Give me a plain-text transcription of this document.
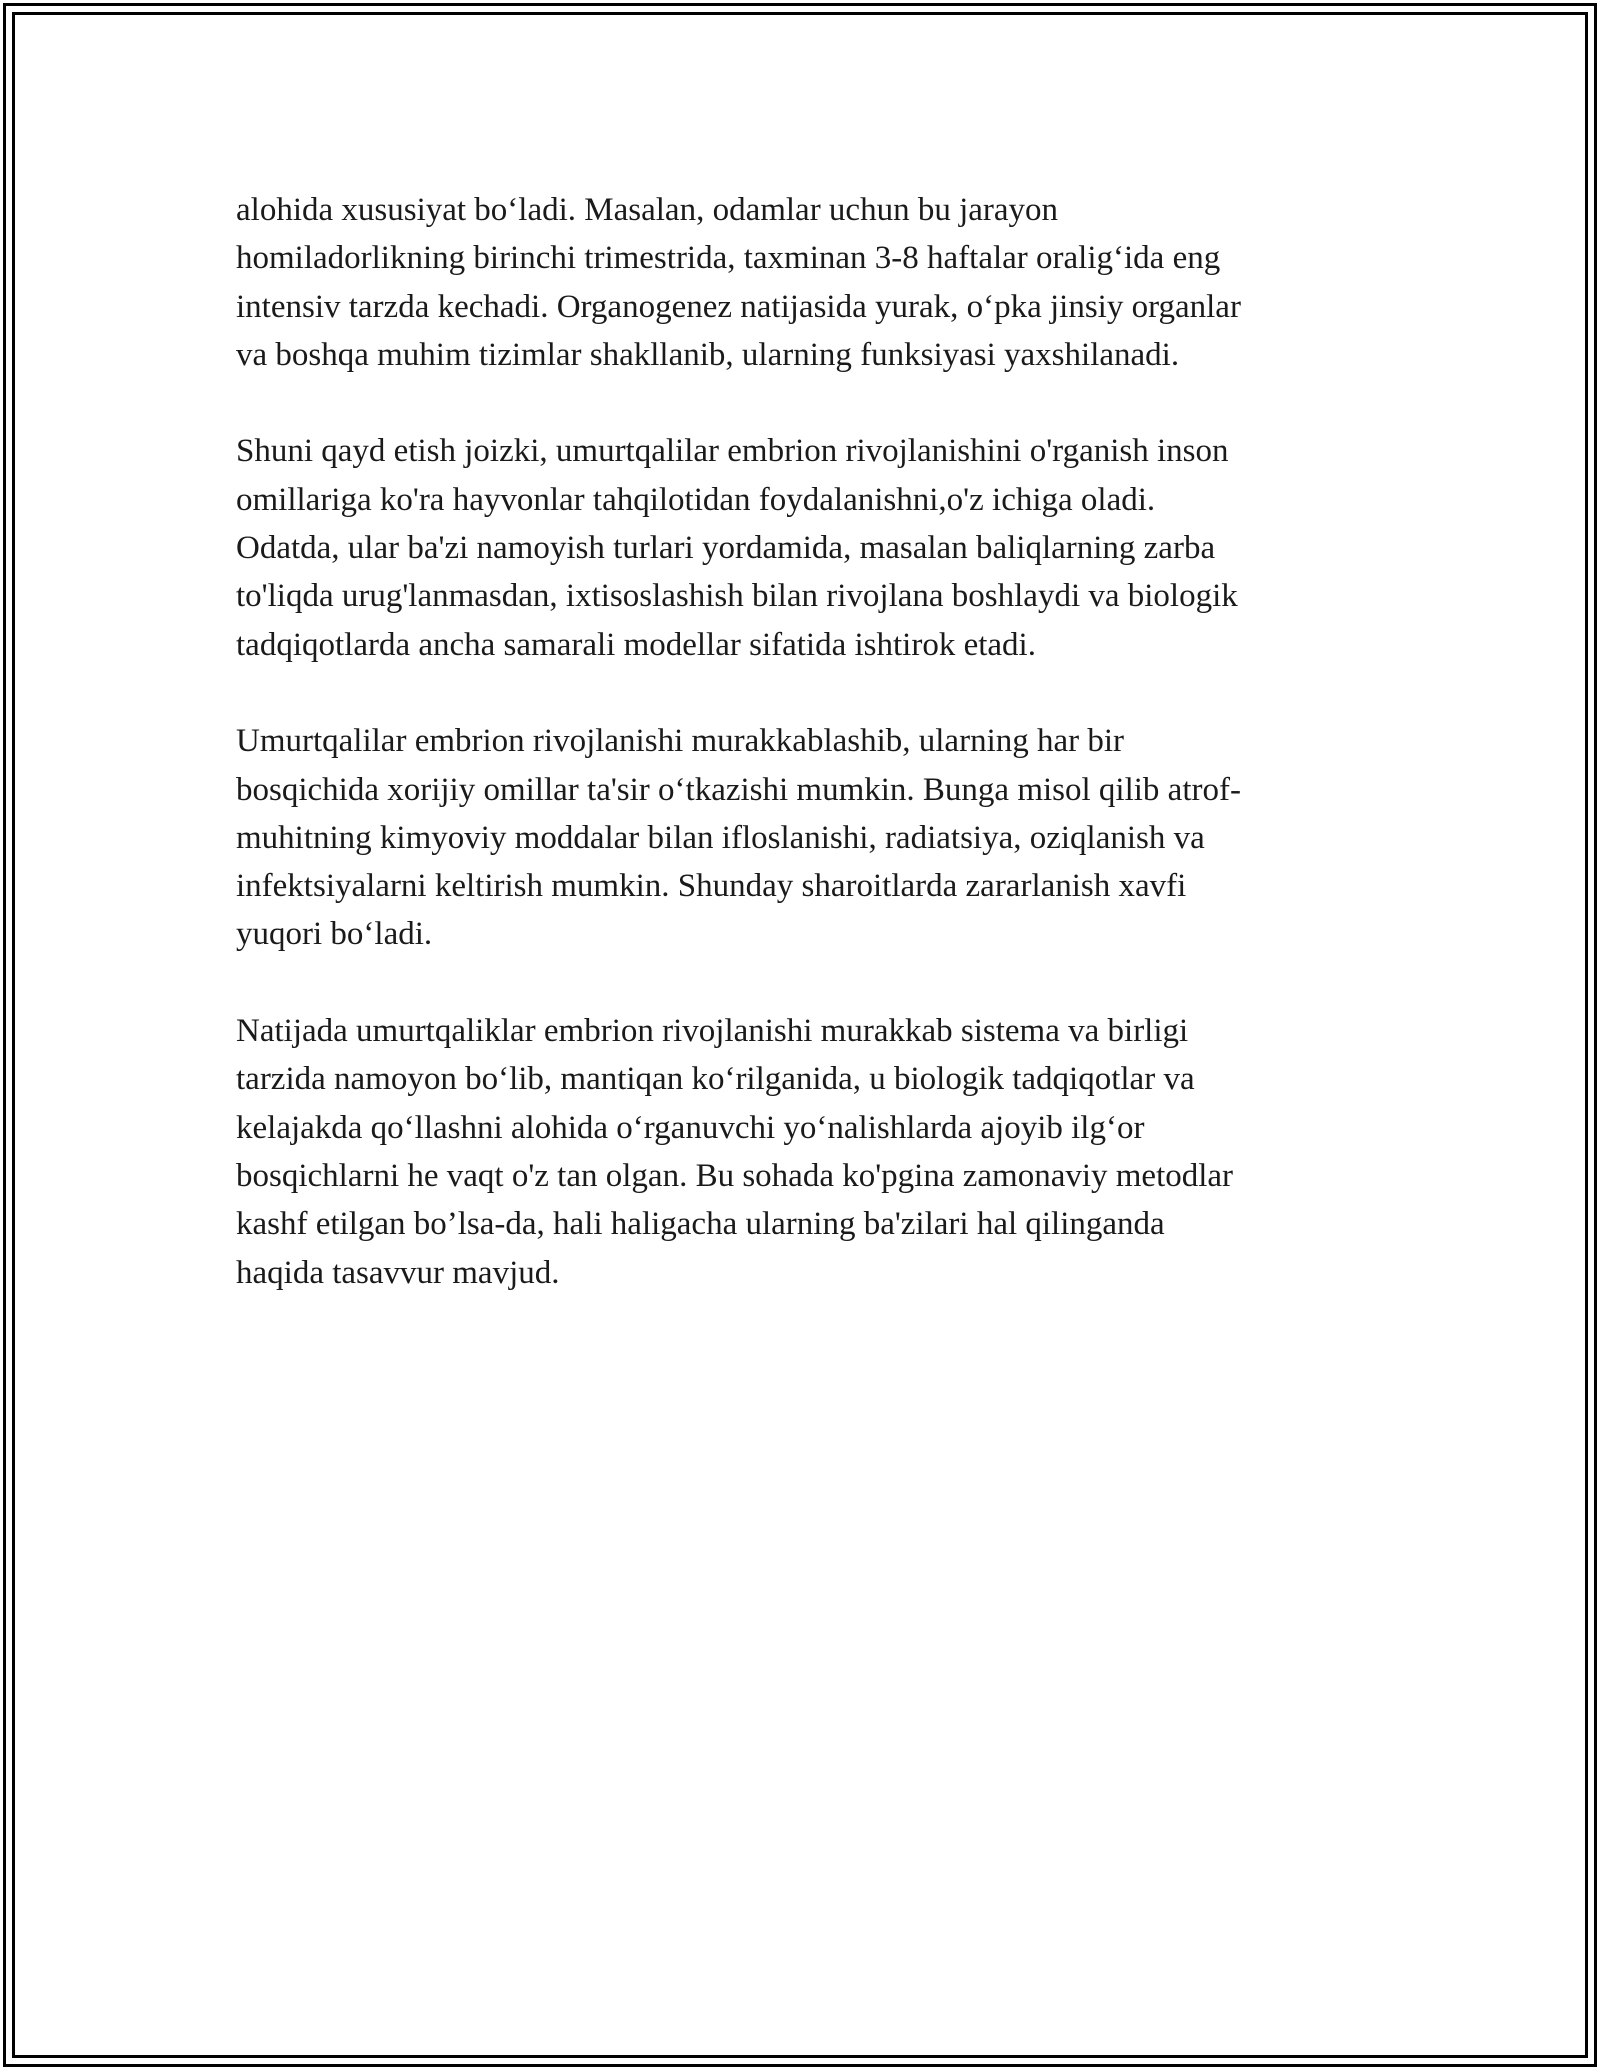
alohida xususiyat bo‘ladi. Masalan, odamlar uchun bu jarayon
homiladorlikning birinchi trimestrida, taxminan 3-8 haftalar oralig‘ida eng
intensiv tarzda kechadi. Organogenez natijasida yurak, o‘pka jinsiy organlar
va boshqa muhim tizimlar shakllanib, ularning funksiyasi yaxshilanadi.

Shuni qayd etish joizki, umurtqalilar embrion rivojlanishini o'rganish inson
omillariga ko'ra hayvonlar tahqilotidan foydalanishni,o'z ichiga oladi.
Odatda, ular ba'zi namoyish turlari yordamida, masalan baliqlarning zarba
to'liqda urug'lanmasdan, ixtisoslashish bilan rivojlana boshlaydi va biologik
tadqiqotlarda ancha samarali modellar sifatida ishtirok etadi.

Umurtqalilar embrion rivojlanishi murakkablashib, ularning har bir
bosqichida xorijiy omillar ta'sir o‘tkazishi mumkin. Bunga misol qilib atrof-
muhitning kimyoviy moddalar bilan ifloslanishi, radiatsiya, oziqlanish va
infektsiyalarni keltirish mumkin. Shunday sharoitlarda zararlanish xavfi
yuqori bo‘ladi.

Natijada umurtqaliklar embrion rivojlanishi murakkab sistema va birligi
tarzida namoyon bo‘lib, mantiqan ko‘rilganida, u biologik tadqiqotlar va
kelajakda qo‘llashni alohida o‘rganuvchi yo‘nalishlarda ajoyib ilg‘or
bosqichlarni he vaqt o'z tan olgan. Bu sohada ko'pgina zamonaviy metodlar
kashf etilgan bo’lsa-da, hali haligacha ularning ba'zilari hal qilinganda
haqida tasavvur mavjud.
